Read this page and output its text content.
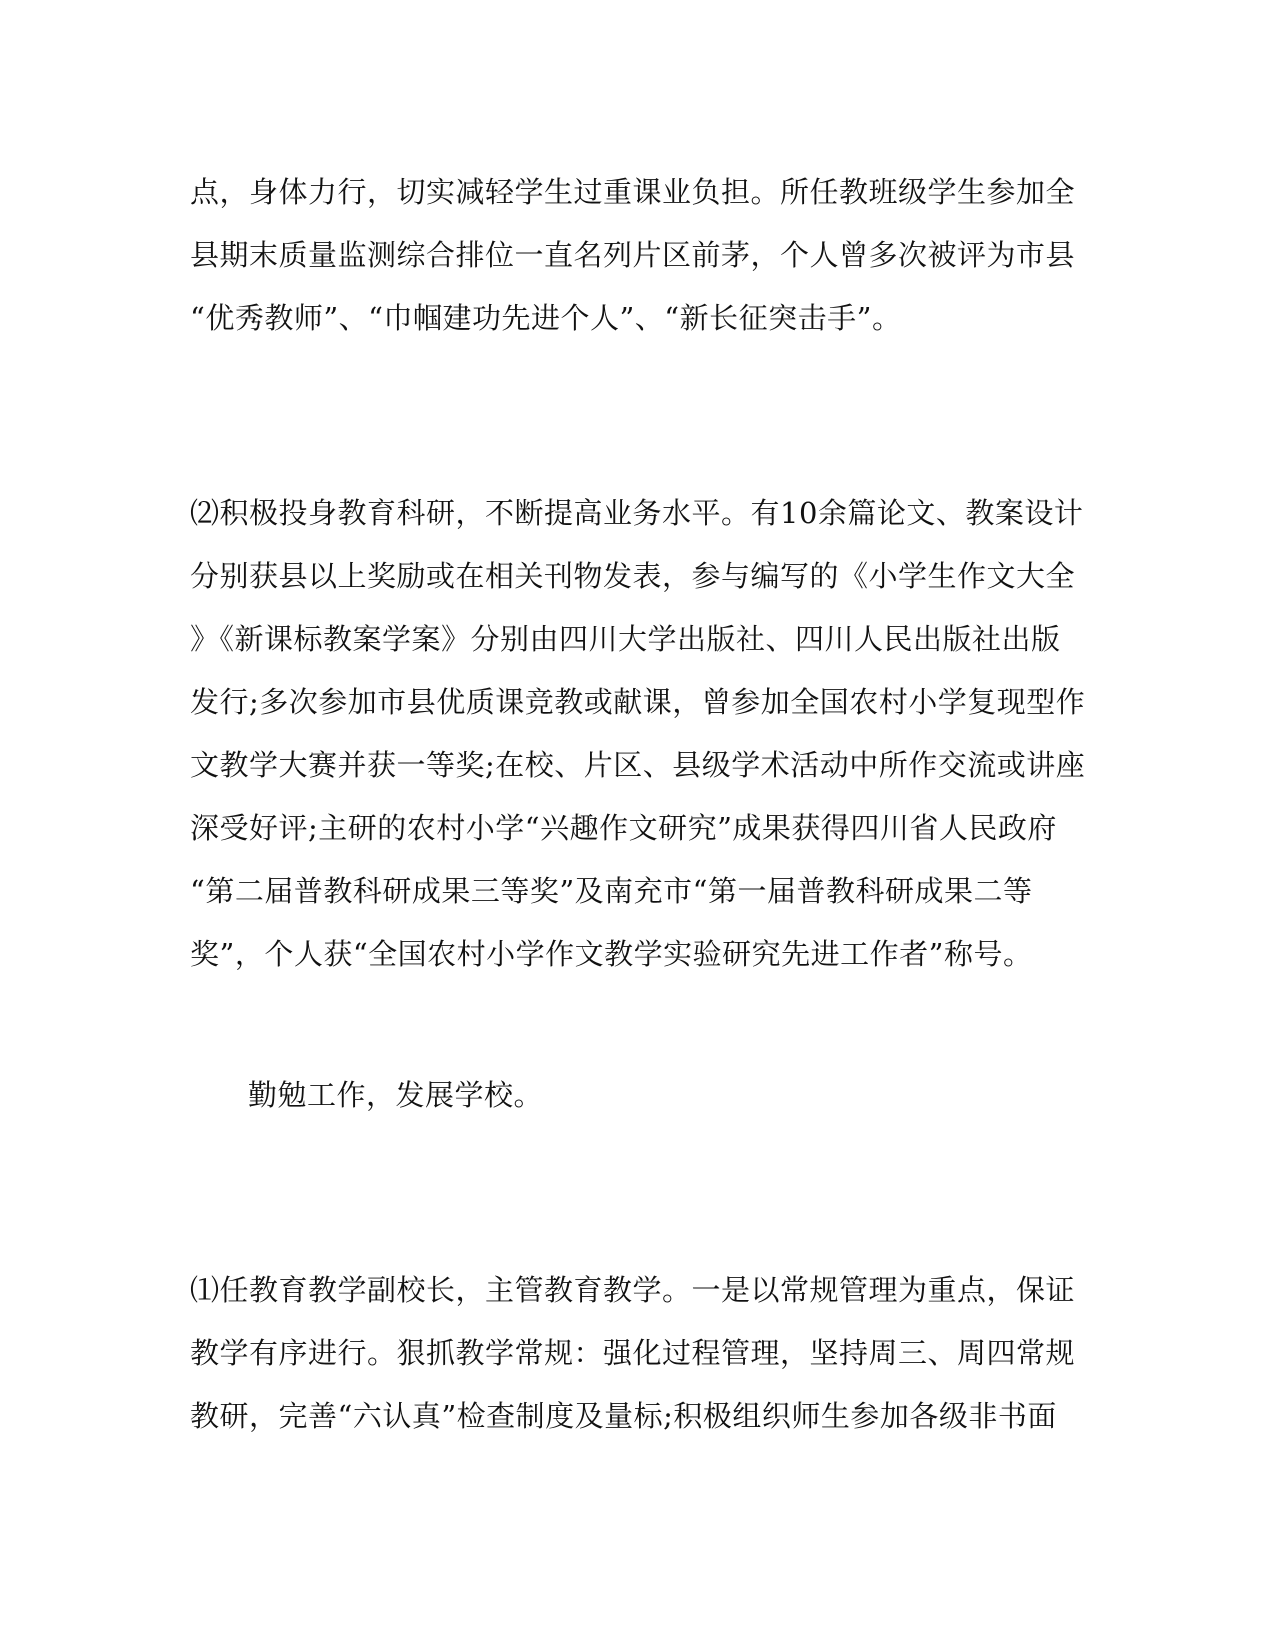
点，身体力行，切实减轻学生过重课业负担。所任教班级学生参加全
县期末质量监测综合排位一直名列片区前茅，个人曾多次被评为市县
“优秀教师”、“巾帼建功先进个人”、“新长征突击手”。
⑵积极投身教育科研，不断提高业务水平。有10余篇论文、教案设计
分别获县以上奖励或在相关刊物发表，参与编写的《小学生作文大全
》《新课标教案学案》分别由四川大学出版社、四川人民出版社出版
发行;多次参加市县优质课竞教或献课，曾参加全国农村小学复现型作
文教学大赛并获一等奖;在校、片区、县级学术活动中所作交流或讲座
深受好评;主研的农村小学“兴趣作文研究”成果获得四川省人民政府
“第二届普教科研成果三等奖”及南充市“第一届普教科研成果二等
奖”，个人获“全国农村小学作文教学实验研究先进工作者”称号。
勤勉工作，发展学校。
⑴任教育教学副校长，主管教育教学。一是以常规管理为重点，保证
教学有序进行。狠抓教学常规：强化过程管理，坚持周三、周四常规
教研，完善“六认真”检查制度及量标;积极组织师生参加各级非书面
